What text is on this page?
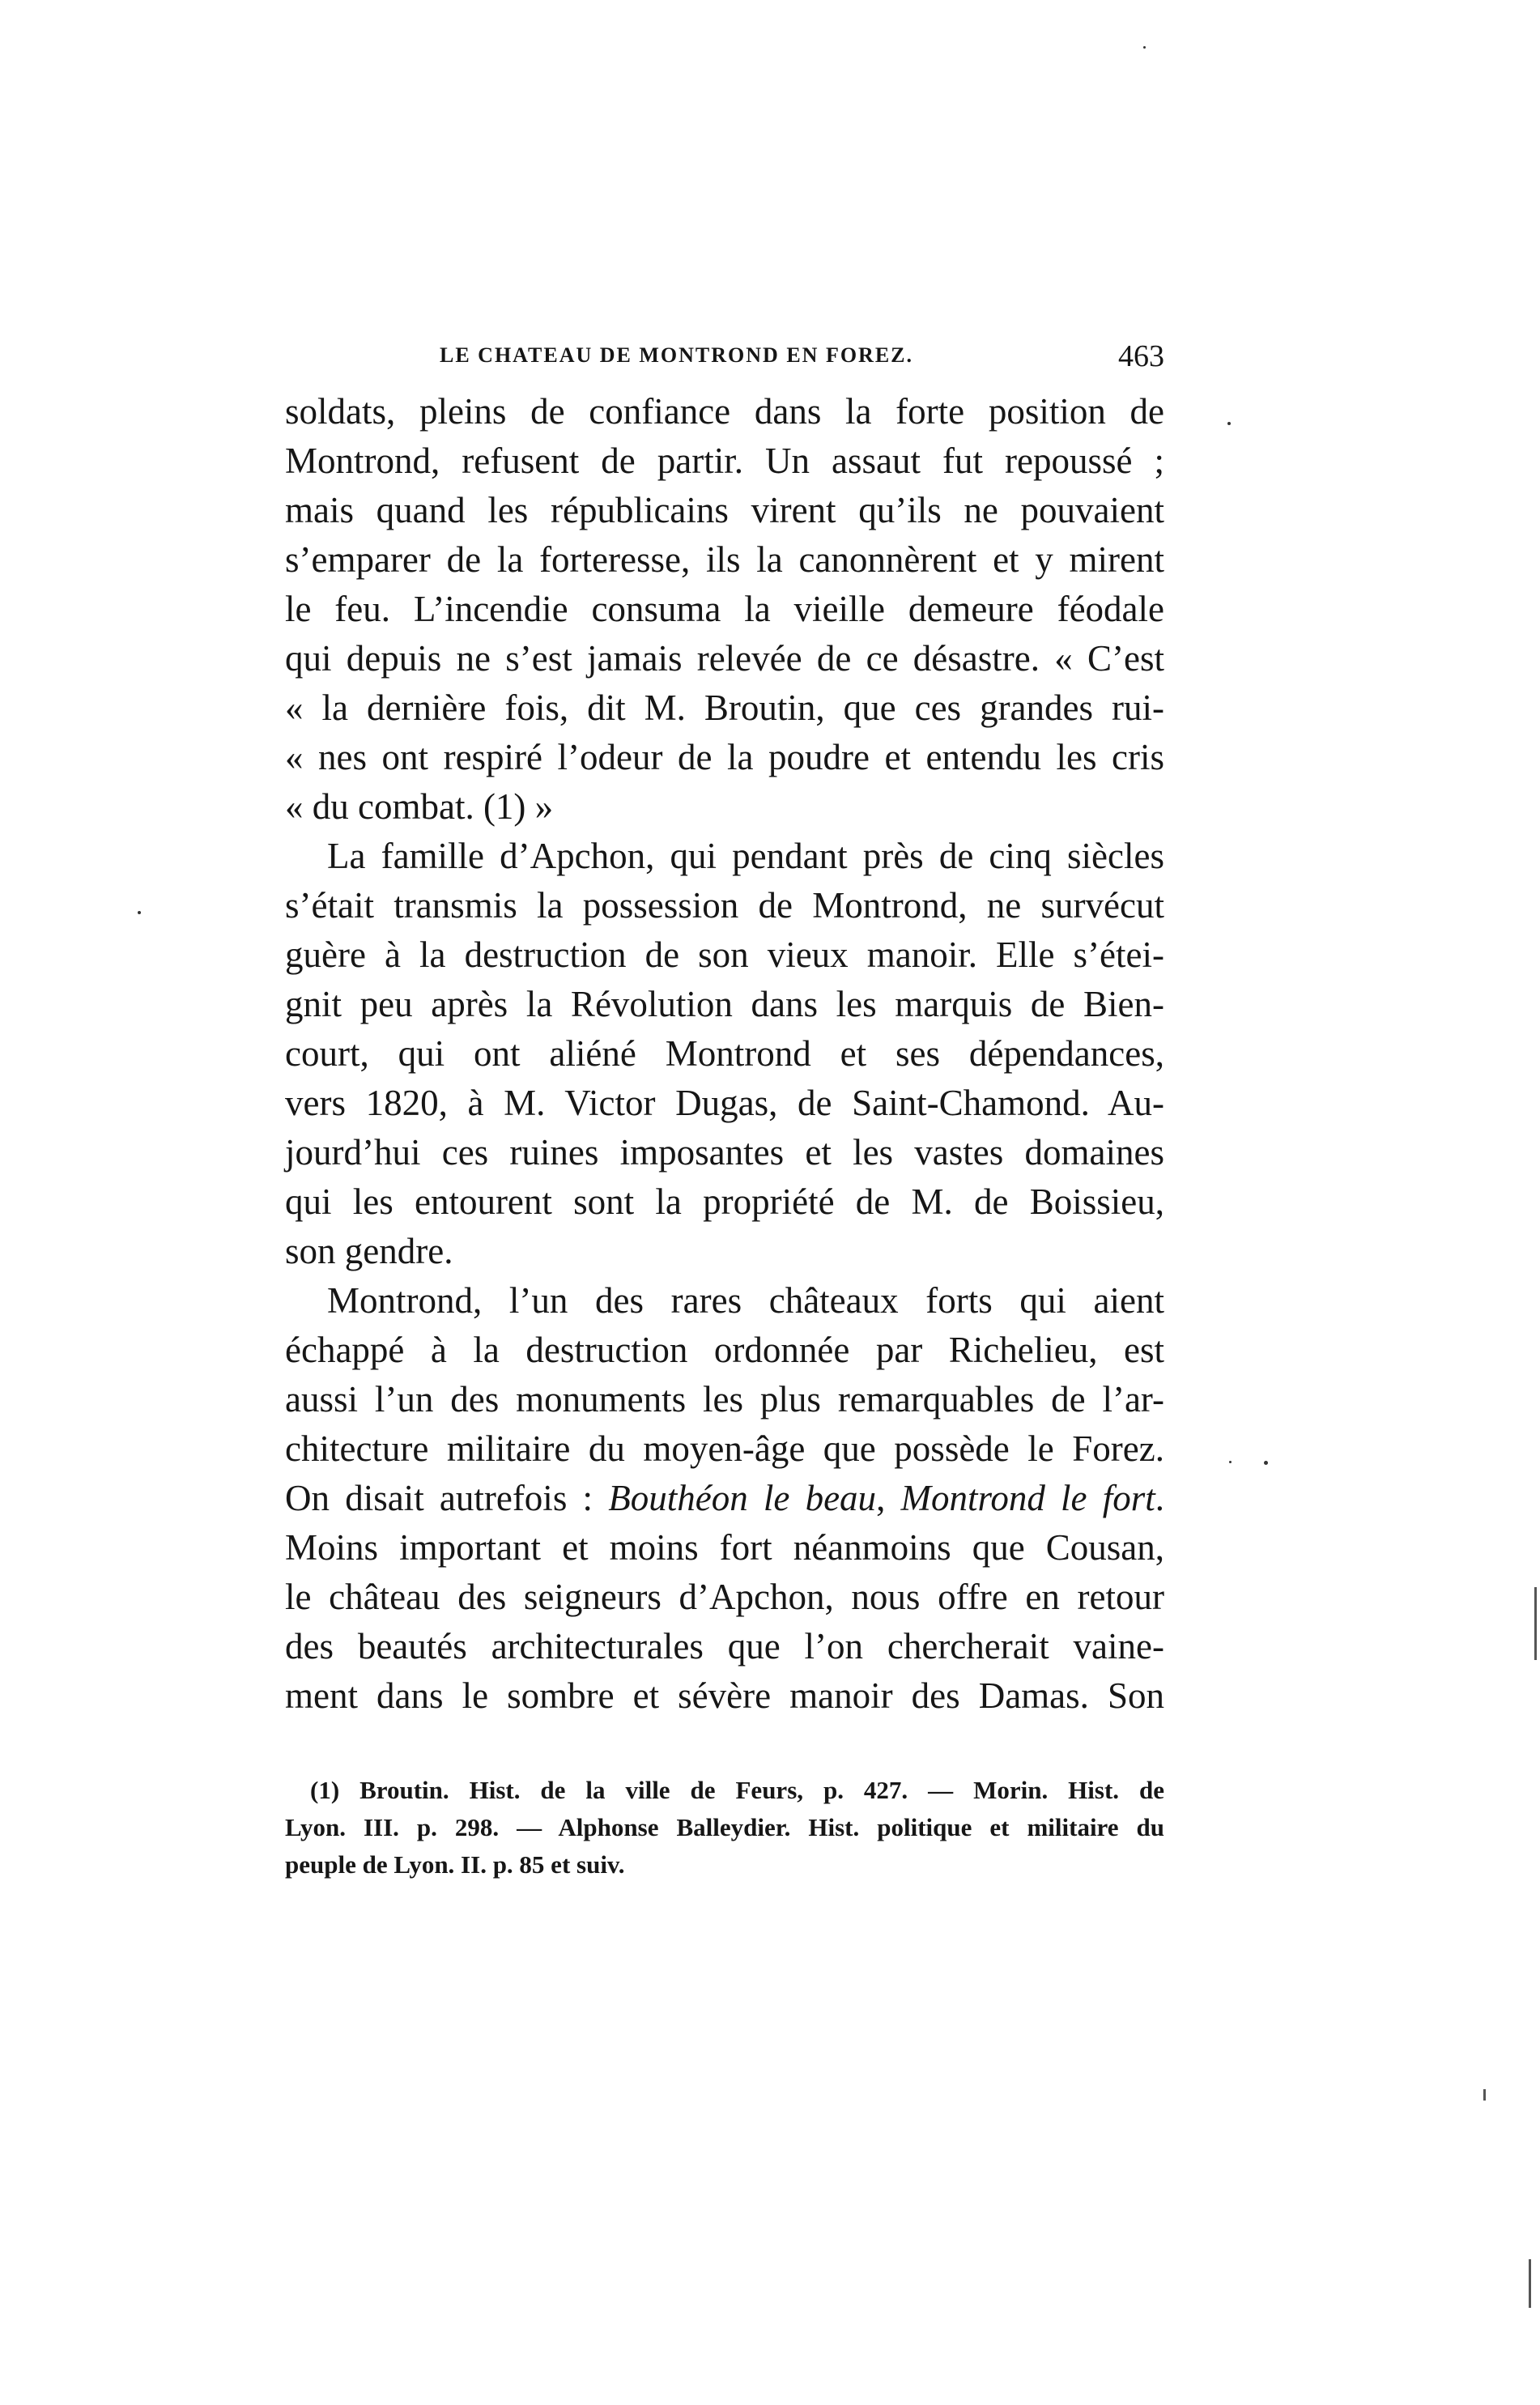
LE CHATEAU DE MONTROND EN FOREZ.	463
soldats, pleins de confiance dans la forte position de
Montrond, refusent de partir. Un assaut fut repoussé ;
mais quand les républicains virent qu’ils ne pouvaient
s’emparer de la forteresse, ils la canonnèrent et y mirent
le feu. L’incendie consuma la vieille demeure féodale
qui depuis ne s’est jamais relevée de ce désastre. « C’est
« la dernière fois, dit M. Broutin, que ces grandes rui-
« nes ont respiré l’odeur de la poudre et entendu les cris
« du combat. (1) »
La famille d’Apchon, qui pendant près de cinq siècles
s’était transmis la possession de Montrond, ne survécut
guère à la destruction de son vieux manoir. Elle s’étei-
gnit peu après la Révolution dans les marquis de Bien-
court, qui ont aliéné Montrond et ses dépendances,
vers 1820, à M. Victor Dugas, de Saint-Chamond. Au-
jourd’hui ces ruines imposantes et les vastes domaines
qui les entourent sont la propriété de M. de Boissieu,
son gendre.
Montrond, l’un des rares châteaux forts qui aient
échappé à la destruction ordonnée par Richelieu, est
aussi l’un des monuments les plus remarquables de l’ar-
chitecture militaire du moyen-âge que possède le Forez.
On disait autrefois : Bouthéon le beau, Montrond le fort.
Moins important et moins fort néanmoins que Cousan,
le château des seigneurs d’Apchon, nous offre en retour
des beautés architecturales que l’on chercherait vaine-
ment dans le sombre et sévère manoir des Damas. Son
(1) Broutin. Hist. de la ville de Feurs, p. 427. — Morin. Hist. de
Lyon. III. p. 298. — Alphonse Balleydier. Hist. politique et militaire du
peuple de Lyon. II. p. 85 et suiv.
